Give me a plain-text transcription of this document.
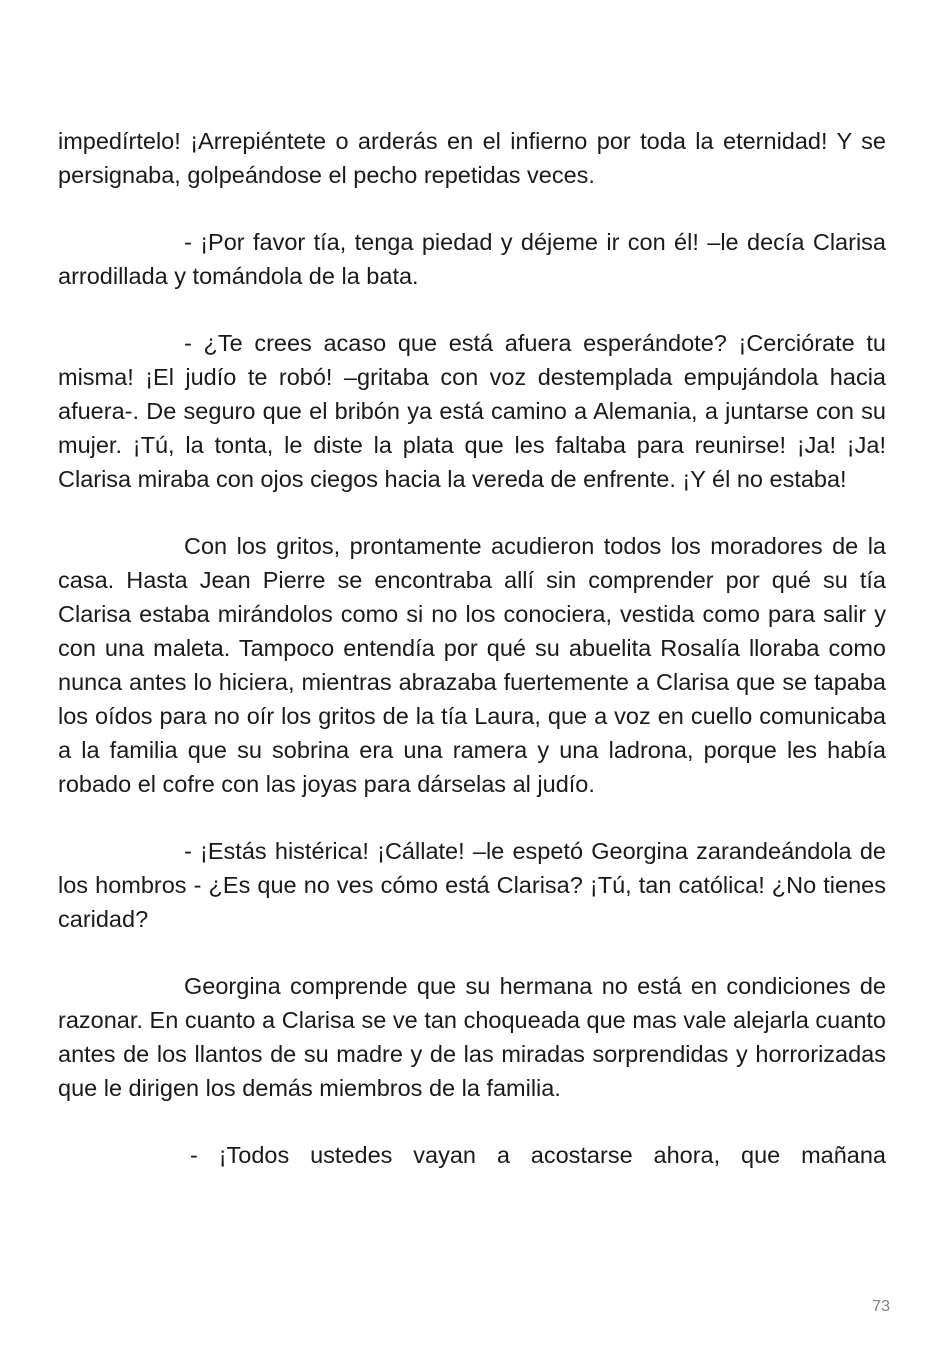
impedírtelo! ¡Arrepiéntete o arderás en el infierno por toda la eternidad! Y se persignaba, golpeándose el pecho repetidas veces.

- ¡Por favor tía, tenga piedad y déjeme ir con él! –le decía Clarisa arrodillada y tomándola de la bata.

- ¿Te crees acaso que está afuera esperándote? ¡Cerciórate tu misma! ¡El judío te robó! –gritaba con voz destemplada empujándola hacia afuera-. De seguro que el bribón ya está camino a Alemania, a juntarse con su mujer. ¡Tú, la tonta, le diste la plata que les faltaba para reunirse! ¡Ja! ¡Ja! Clarisa miraba con ojos ciegos hacia la vereda de enfrente. ¡Y él no estaba!

Con los gritos, prontamente acudieron todos los moradores de la casa. Hasta Jean Pierre se encontraba allí sin comprender por qué su tía Clarisa estaba mirándolos como si no los conociera, vestida como para salir y con una maleta. Tampoco entendía por qué su abuelita Rosalía lloraba como nunca antes lo hiciera, mientras abrazaba fuertemente a Clarisa que se tapaba los oídos para no oír los gritos de la tía Laura, que a voz en cuello comunicaba a la familia que su sobrina era una ramera y una ladrona, porque les había robado el cofre con las joyas para dárselas al judío.

- ¡Estás histérica! ¡Cállate! –le espetó Georgina zarandeándola de los hombros - ¿Es que no ves cómo está Clarisa? ¡Tú, tan católica! ¿No tienes caridad?

Georgina comprende que su hermana no está en condiciones de razonar. En cuanto a Clarisa se ve tan choqueada que mas vale alejarla cuanto antes de los llantos de su madre y de las miradas sorprendidas y horrorizadas que le dirigen los demás miembros de la familia.

- ¡Todos ustedes vayan a acostarse ahora, que mañana

73
